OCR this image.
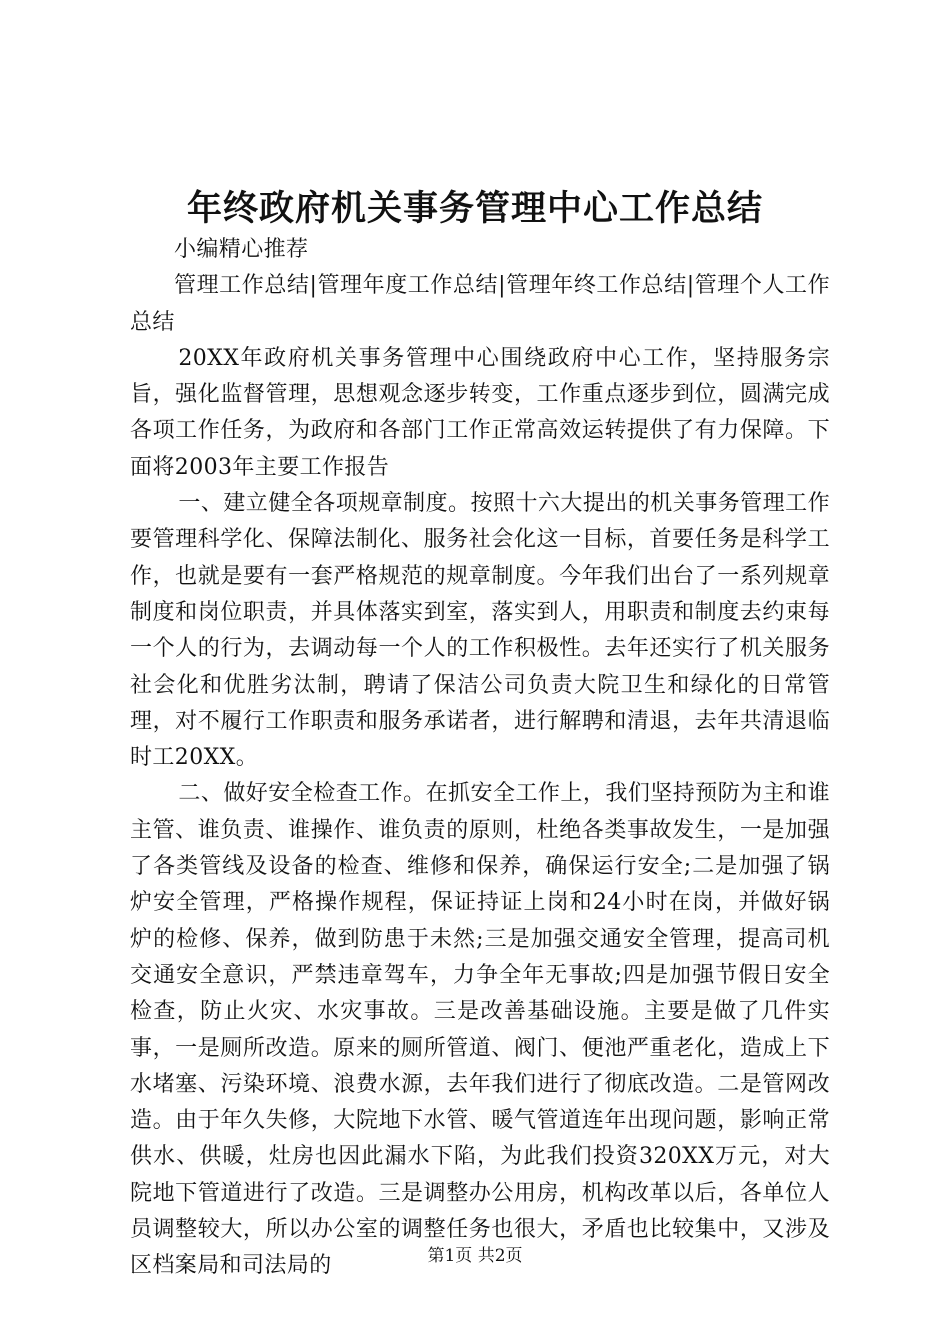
年终政府机关事务管理中心工作总结

小编精心推荐

管理工作总结|管理年度工作总结|管理年终工作总结|管理个人工作总结

20XX年政府机关事务管理中心围绕政府中心工作，坚持服务宗旨，强化监督管理，思想观念逐步转变，工作重点逐步到位，圆满完成各项工作任务，为政府和各部门工作正常高效运转提供了有力保障。下面将2003年主要工作报告

一、建立健全各项规章制度。按照十六大提出的机关事务管理工作要管理科学化、保障法制化、服务社会化这一目标，首要任务是科学工作，也就是要有一套严格规范的规章制度。今年我们出台了一系列规章制度和岗位职责，并具体落实到室，落实到人，用职责和制度去约束每一个人的行为，去调动每一个人的工作积极性。去年还实行了机关服务社会化和优胜劣汰制，聘请了保洁公司负责大院卫生和绿化的日常管理，对不履行工作职责和服务承诺者，进行解聘和清退，去年共清退临时工20XX。

二、做好安全检查工作。在抓安全工作上，我们坚持预防为主和谁主管、谁负责、谁操作、谁负责的原则，杜绝各类事故发生，一是加强了各类管线及设备的检查、维修和保养，确保运行安全;二是加强了锅炉安全管理，严格操作规程，保证持证上岗和24小时在岗，并做好锅炉的检修、保养，做到防患于未然;三是加强交通安全管理，提高司机交通安全意识，严禁违章驾车，力争全年无事故;四是加强节假日安全检查，防止火灾、水灾事故。三是改善基础设施。主要是做了几件实事，一是厕所改造。原来的厕所管道、阀门、便池严重老化，造成上下水堵塞、污染环境、浪费水源，去年我们进行了彻底改造。二是管网改造。由于年久失修，大院地下水管、暖气管道连年出现问题，影响正常供水、供暖，灶房也因此漏水下陷，为此我们投资320XX万元，对大院地下管道进行了改造。三是调整办公用房，机构改革以后，各单位人员调整较大，所以办公室的调整任务也很大，矛盾也比较集中，又涉及区档案局和司法局的	第1页 共2页
